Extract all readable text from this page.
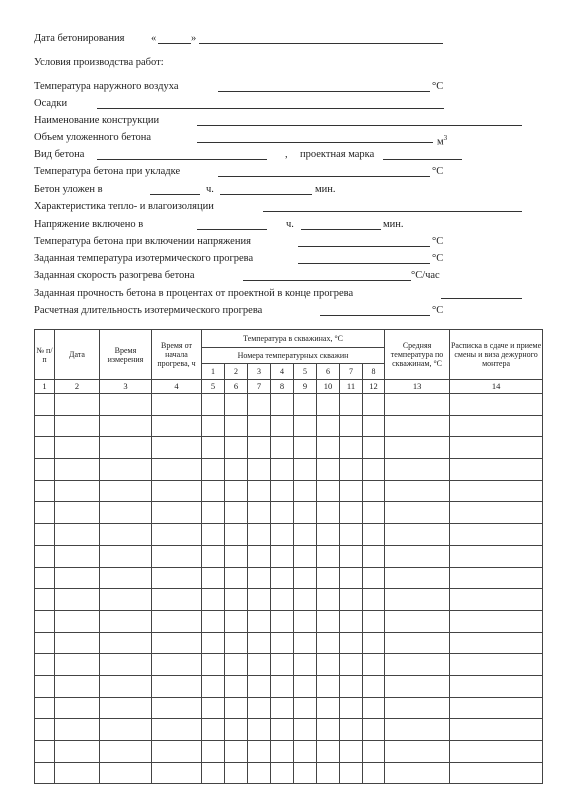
Дата бетонирования	«	»
Условия производства работ:
Температура наружного воздуха	°С
Осадки
Наименование конструкции
Объем уложенного бетона	$м^3$
Вид бетона	, проектная марка
Температура бетона при укладке	°С
Бетон уложен в	ч.	мин.
Характеристика тепло- и влагоизоляции
Напряжение включено в	ч.	мин.
Температура бетона при включении напряжения	°С
Заданная температура изотермического прогрева	°С
Заданная скорость разогрева бетона	°С/час
Заданная прочность бетона в процентах от проектной в конце прогрева
Расчетная длительность изотермического прогрева	°С
№ п/п	Дата	Время измерения	Время от начала прогрева, ч	Температура в скважинах, °С								Средняя температура по скважинам, °С	Расписка в сдаче и приеме смены и виза дежурного монтера
				Номера температурных скважин									
				1	2	3	4	5	6	7	8		
1	2	3	4	5	6	7	8	9	10	11	12	13	14
